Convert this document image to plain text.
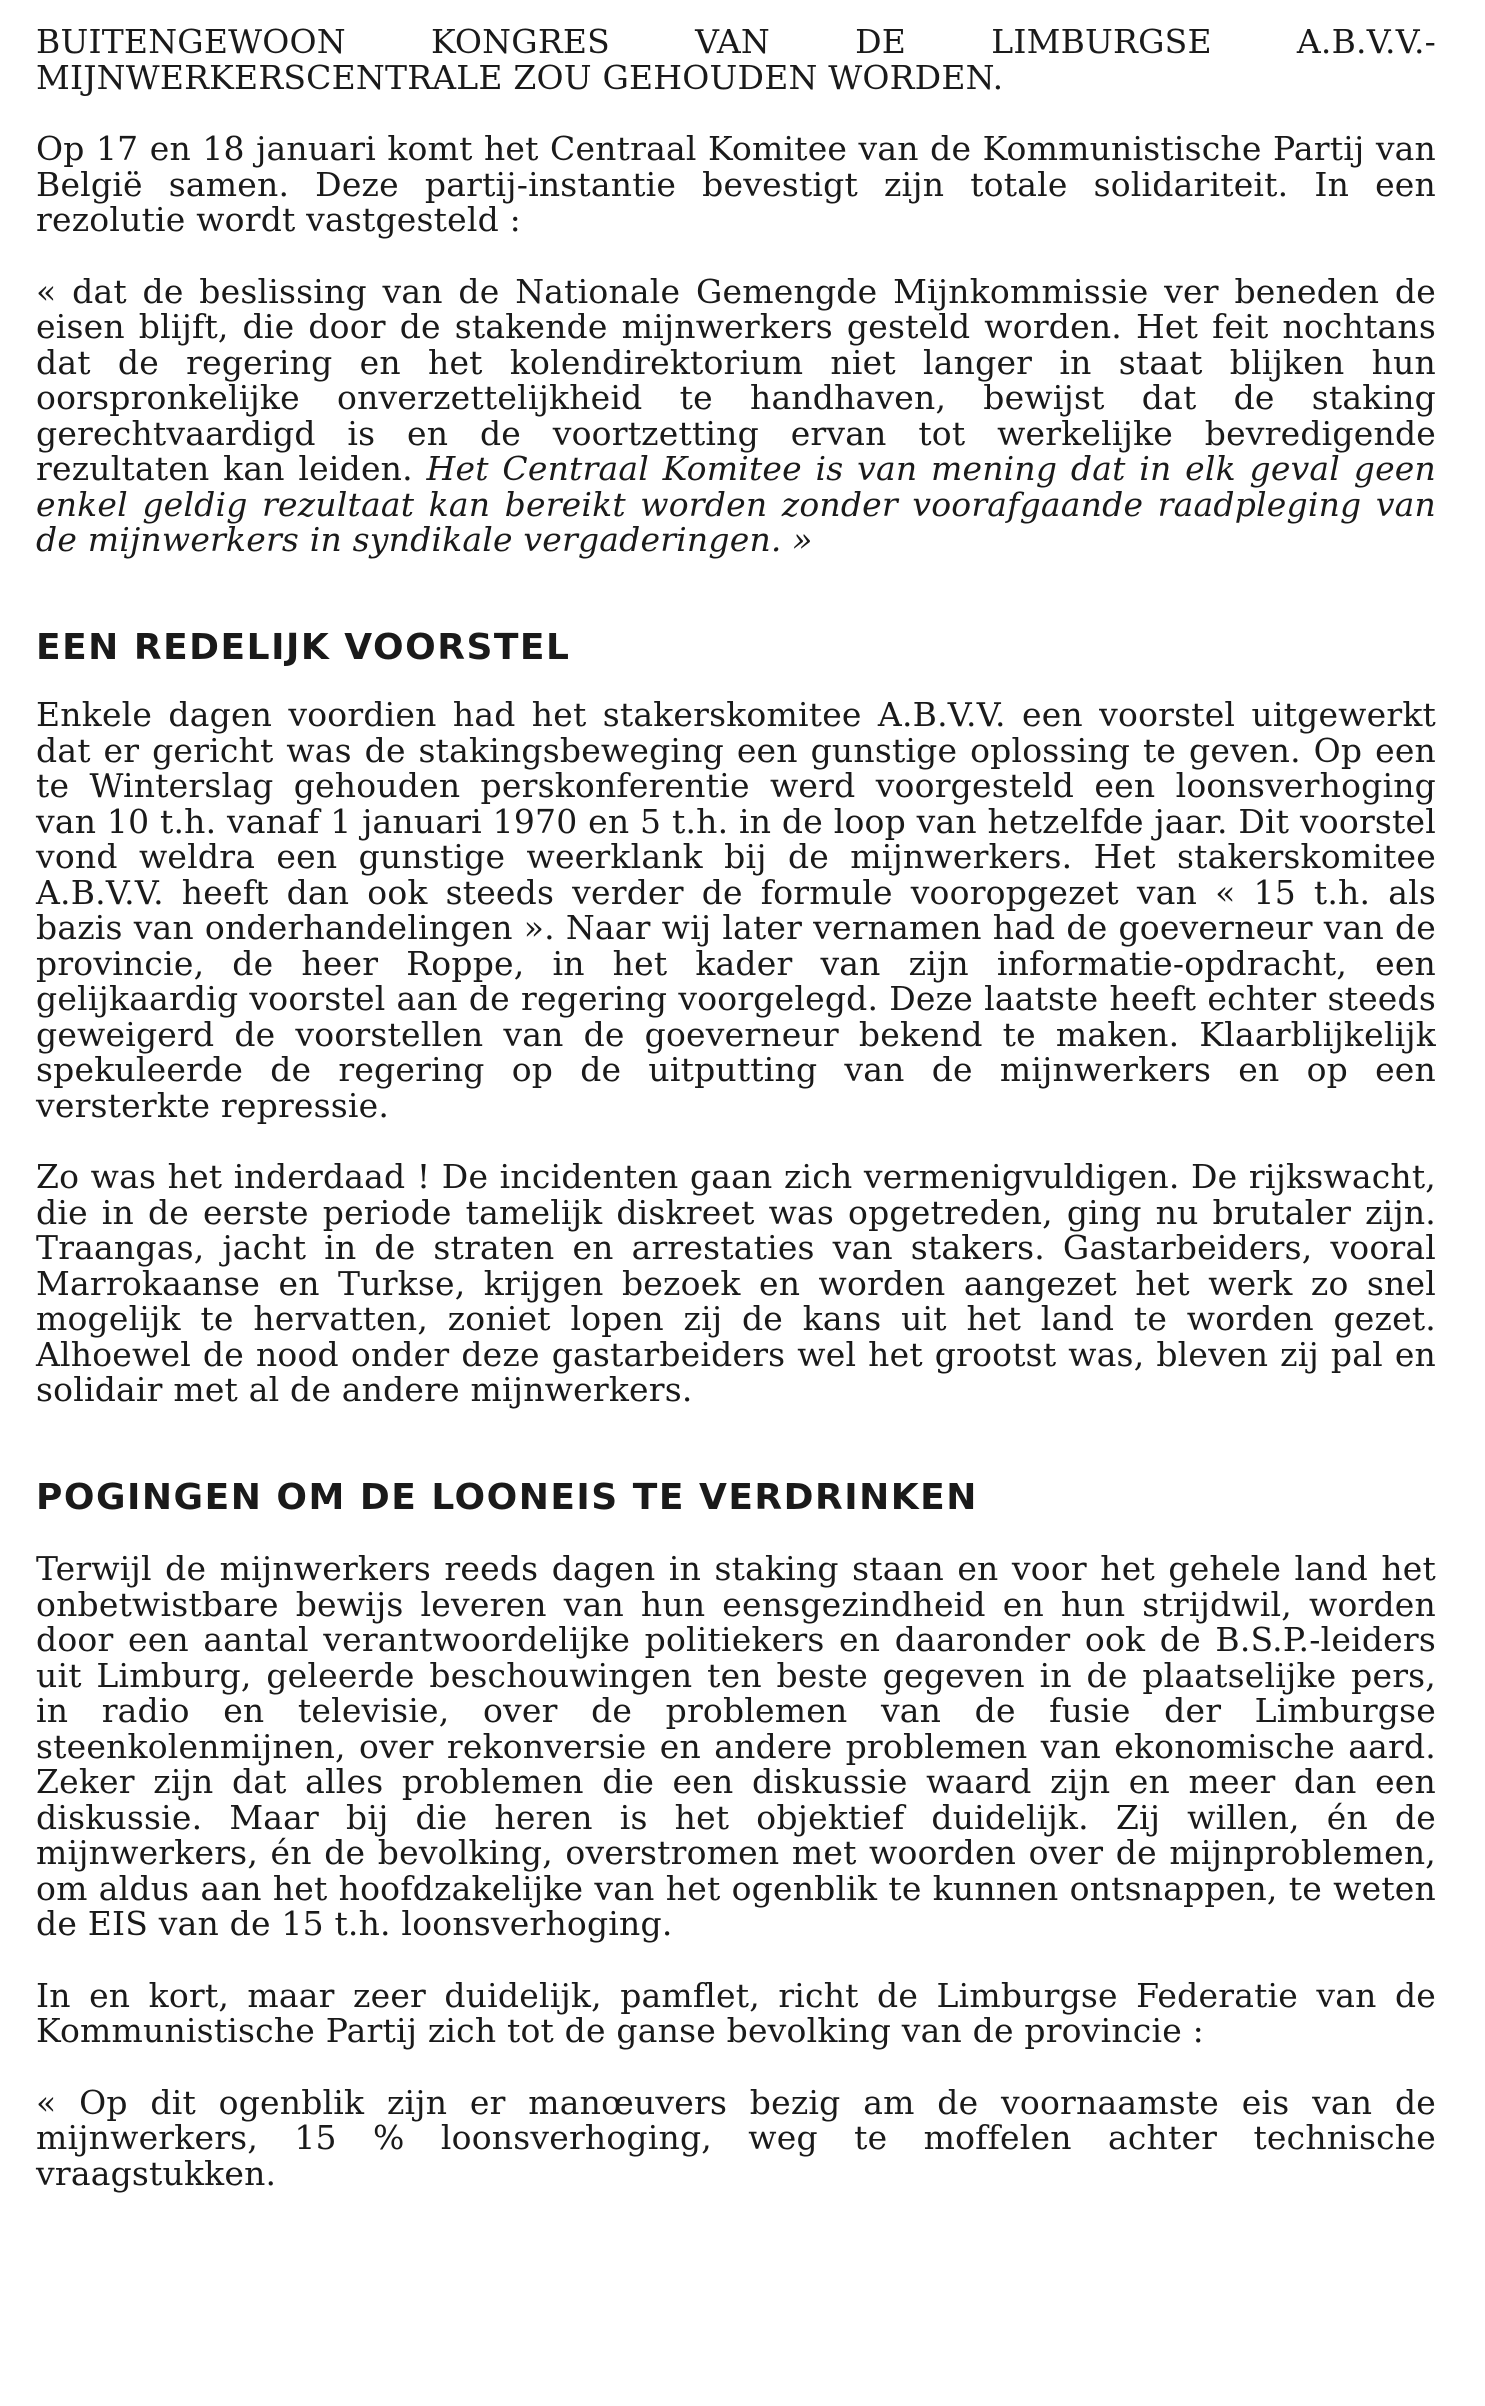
BUITENGEWOON KONGRES VAN DE LIMBURGSE A.B.V.V.-MIJNWERKERSCENTRALE ZOU GEHOUDEN WORDEN.

Op 17 en 18 januari komt het Centraal Komitee van de Kommunistische Partij van België samen. Deze partij-instantie bevestigt zijn totale solidariteit. In een rezolutie wordt vastgesteld :

« dat de beslissing van de Nationale Gemengde Mijnkommissie ver beneden de eisen blijft, die door de stakende mijnwerkers gesteld worden. Het feit nochtans dat de regering en het kolendirektorium niet langer in staat blijken hun oorspronkelijke onverzettelijkheid te handhaven, bewijst dat de staking gerechtvaardigd is en de voortzetting ervan tot werkelijke bevredigende rezultaten kan leiden. Het Centraal Komitee is van mening dat in elk geval geen enkel geldig rezultaat kan bereikt worden zonder voorafgaande raadpleging van de mijnwerkers in syndikale vergaderingen. »

EEN REDELIJK VOORSTEL

Enkele dagen voordien had het stakerskomitee A.B.V.V. een voorstel uitgewerkt dat er gericht was de stakingsbeweging een gunstige oplossing te geven. Op een te Winterslag gehouden perskonferentie werd voorgesteld een loonsverhoging van 10 t.h. vanaf 1 januari 1970 en 5 t.h. in de loop van hetzelfde jaar. Dit voorstel vond weldra een gunstige weerklank bij de mijnwerkers. Het stakerskomitee A.B.V.V. heeft dan ook steeds verder de formule vooropgezet van « 15 t.h. als bazis van onderhandelingen ». Naar wij later vernamen had de goeverneur van de provincie, de heer Roppe, in het kader van zijn informatie-opdracht, een gelijkaardig voorstel aan de regering voorgelegd. Deze laatste heeft echter steeds geweigerd de voorstellen van de goeverneur bekend te maken. Klaarblijkelijk spekuleerde de regering op de uitputting van de mijnwerkers en op een versterkte repressie.

Zo was het inderdaad ! De incidenten gaan zich vermenigvuldigen. De rijkswacht, die in de eerste periode tamelijk diskreet was opgetreden, ging nu brutaler zijn. Traangas, jacht in de straten en arrestaties van stakers. Gastarbeiders, vooral Marrokaanse en Turkse, krijgen bezoek en worden aangezet het werk zo snel mogelijk te hervatten, zoniet lopen zij de kans uit het land te worden gezet. Alhoewel de nood onder deze gastarbeiders wel het grootst was, bleven zij pal en solidair met al de andere mijnwerkers.

POGINGEN OM DE LOONEIS TE VERDRINKEN

Terwijl de mijnwerkers reeds dagen in staking staan en voor het gehele land het onbetwistbare bewijs leveren van hun eensgezindheid en hun strijdwil, worden door een aantal verantwoordelijke politiekers en daaronder ook de B.S.P.-leiders uit Limburg, geleerde beschouwingen ten beste gegeven in de plaatselijke pers, in radio en televisie, over de problemen van de fusie der Limburgse steenkolenmijnen, over rekonversie en andere problemen van ekonomische aard. Zeker zijn dat alles problemen die een diskussie waard zijn en meer dan een diskussie. Maar bij die heren is het objektief duidelijk. Zij willen, én de mijnwerkers, én de bevolking, overstromen met woorden over de mijnproblemen, om aldus aan het hoofdzakelijke van het ogenblik te kunnen ontsnappen, te weten de EIS van de 15 t.h. loonsverhoging.

In en kort, maar zeer duidelijk, pamflet, richt de Limburgse Federatie van de Kommunistische Partij zich tot de ganse bevolking van de provincie :

« Op dit ogenblik zijn er manœuvers bezig am de voornaamste eis van de mijnwerkers, 15 % loonsverhoging, weg te moffelen achter technische vraagstukken.
